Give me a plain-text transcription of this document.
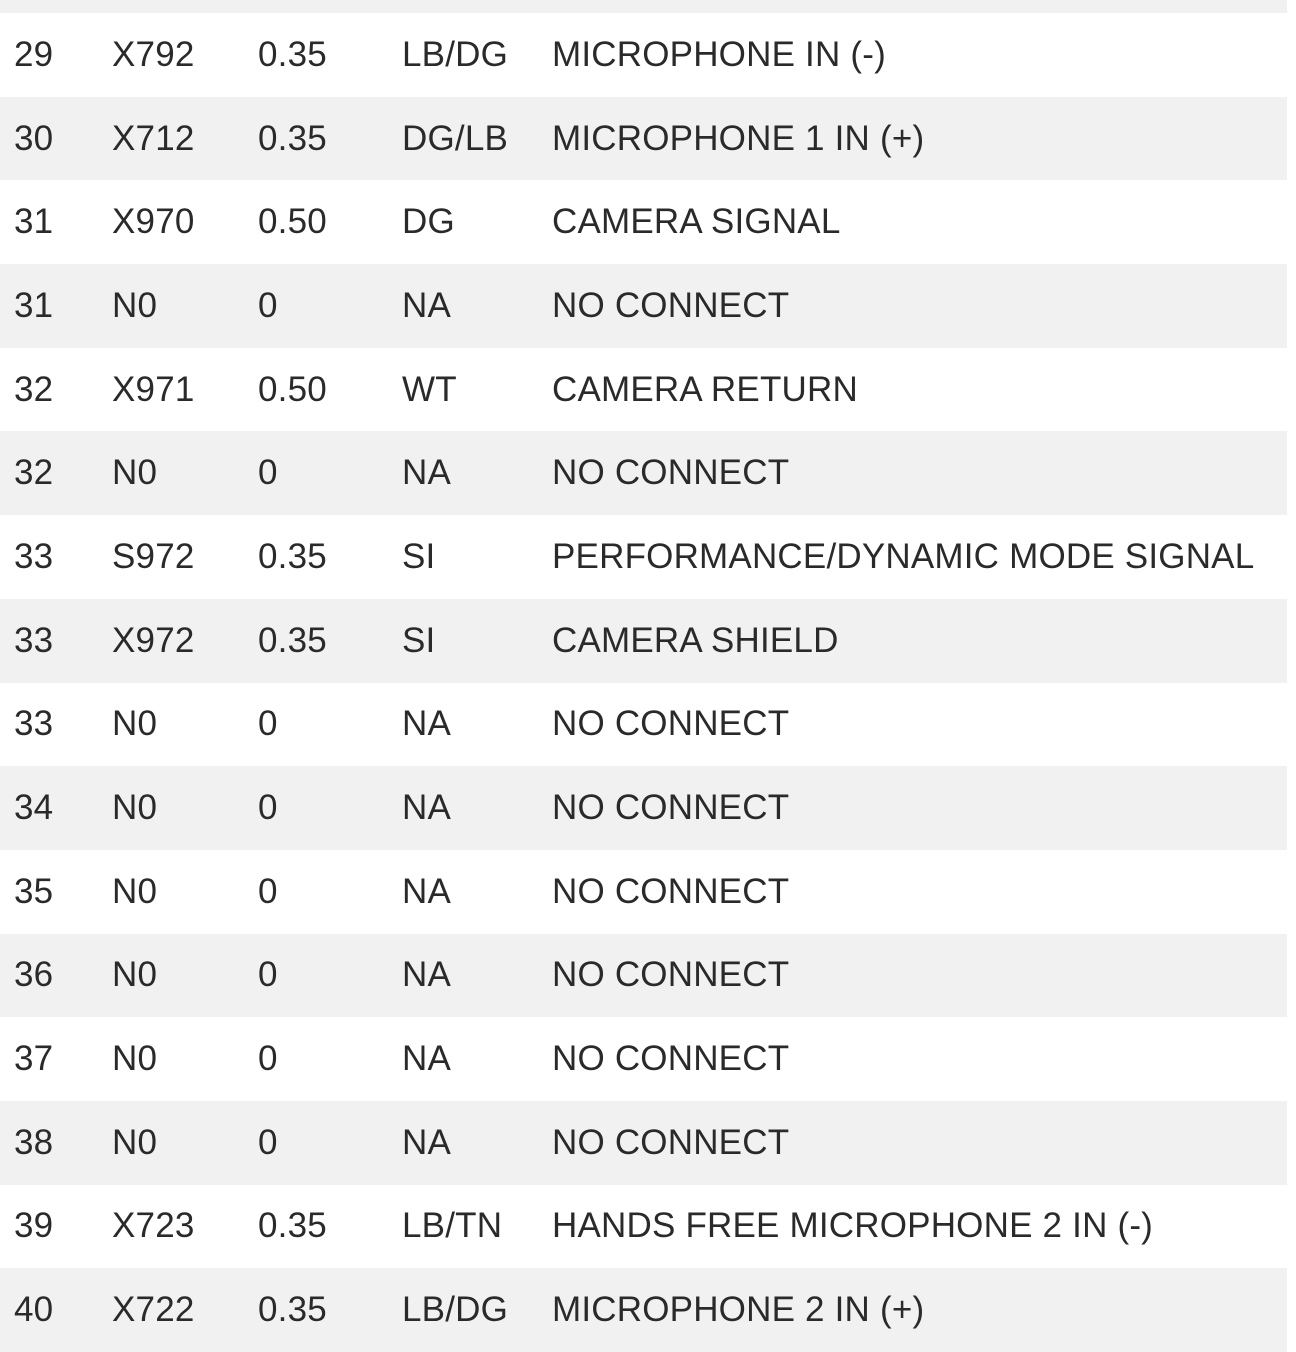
29	X792	0.35	LB/DG	MICROPHONE IN (-)
30	X712	0.35	DG/LB	MICROPHONE 1 IN (+)
31	X970	0.50	DG	CAMERA SIGNAL
31	N0	0	NA	NO CONNECT
32	X971	0.50	WT	CAMERA RETURN
32	N0	0	NA	NO CONNECT
33	S972	0.35	SI	PERFORMANCE/DYNAMIC MODE SIGNAL
33	X972	0.35	SI	CAMERA SHIELD
33	N0	0	NA	NO CONNECT
34	N0	0	NA	NO CONNECT
35	N0	0	NA	NO CONNECT
36	N0	0	NA	NO CONNECT
37	N0	0	NA	NO CONNECT
38	N0	0	NA	NO CONNECT
39	X723	0.35	LB/TN	HANDS FREE MICROPHONE 2 IN (-)
40	X722	0.35	LB/DG	MICROPHONE 2 IN (+)
